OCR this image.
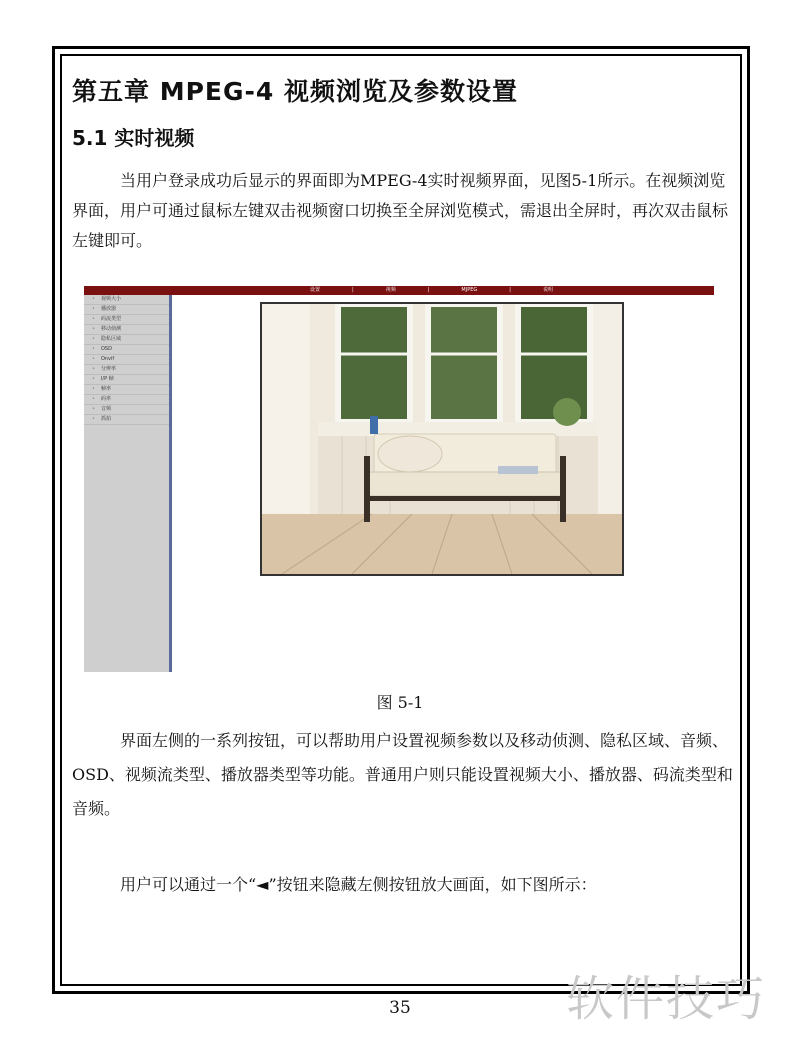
第五章 MPEG-4 视频浏览及参数设置
5.1 实时视频

当用户登录成功后显示的界面即为MPEG-4实时视频界面，见图5-1所示。在视频浏览界面，用户可通过鼠标左键双击视频窗口切换至全屏浏览模式，需退出全屏时，再次双击鼠标左键即可。

设置	|	视频	|	MJPEG	|	说明
• 视频大小
• 播放器
• 码流类型
• 移动侦测
• 隐私区域
• OSD
• Onvif
• 分辨率
• I/P 帧
• 帧率
• 码率
• 音频
• 抓拍
图 5-1

界面左侧的一系列按钮，可以帮助用户设置视频参数以及移动侦测、隐私区域、音频、OSD、视频流类型、播放器类型等功能。普通用户则只能设置视频大小、播放器、码流类型和音频。

用户可以通过一个“◄”按钮来隐藏左侧按钮放大画面，如下图所示：

35	软件技巧
